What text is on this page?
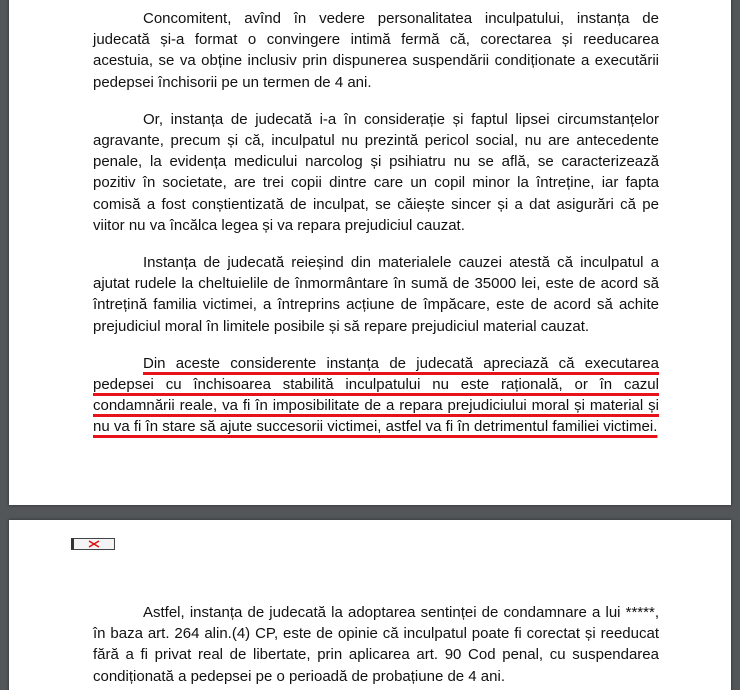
Concomitent, avînd în vedere personalitatea inculpatului, instanța de judecată și-a format o convingere intimă fermă că, corectarea și reeducarea acestuia, se va obține inclusiv prin dispunerea suspendării condiționate a executării pedepsei închisorii pe un termen de 4 ani.

Or, instanța de judecată i-a în considerație și faptul lipsei circumstanțelor agravante, precum și că, inculpatul nu prezintă pericol social, nu are antecedente penale, la evidența medicului narcolog și psihiatru nu se află, se caracterizează pozitiv în societate, are trei copii dintre care un copil minor la întreține, iar fapta comisă a fost conștientizată de inculpat, se căiește sincer și a dat asigurări că pe viitor nu va încălca legea și va repara prejudiciul cauzat.

Instanța de judecată reieșind din materialele cauzei atestă că inculpatul a ajutat rudele la cheltuielile de înmormântare în sumă de 35000 lei, este de acord să întrețină familia victimei, a întreprins acțiune de împăcare, este de acord să achite prejudiciul moral în limitele posibile și să repare prejudiciul material cauzat.

Din aceste considerente instanța de judecată apreciază că executarea pedepsei cu închisoarea stabilită inculpatului nu este rațională, or în cazul condamnării reale, va fi în imposibilitate de a repara prejudiciului moral și material și nu va fi în stare să ajute succesorii victimei, astfel va fi în detrimentul familiei victimei.

Astfel, instanța de judecată la adoptarea sentinței de condamnare a lui *****, în baza art. 264 alin.(4) CP, este de opinie că inculpatul poate fi corectat și reeducat fără a fi privat real de libertate, prin aplicarea art. 90 Cod penal, cu suspendarea condiționată a pedepsei pe o perioadă de probațiune de 4 ani.
